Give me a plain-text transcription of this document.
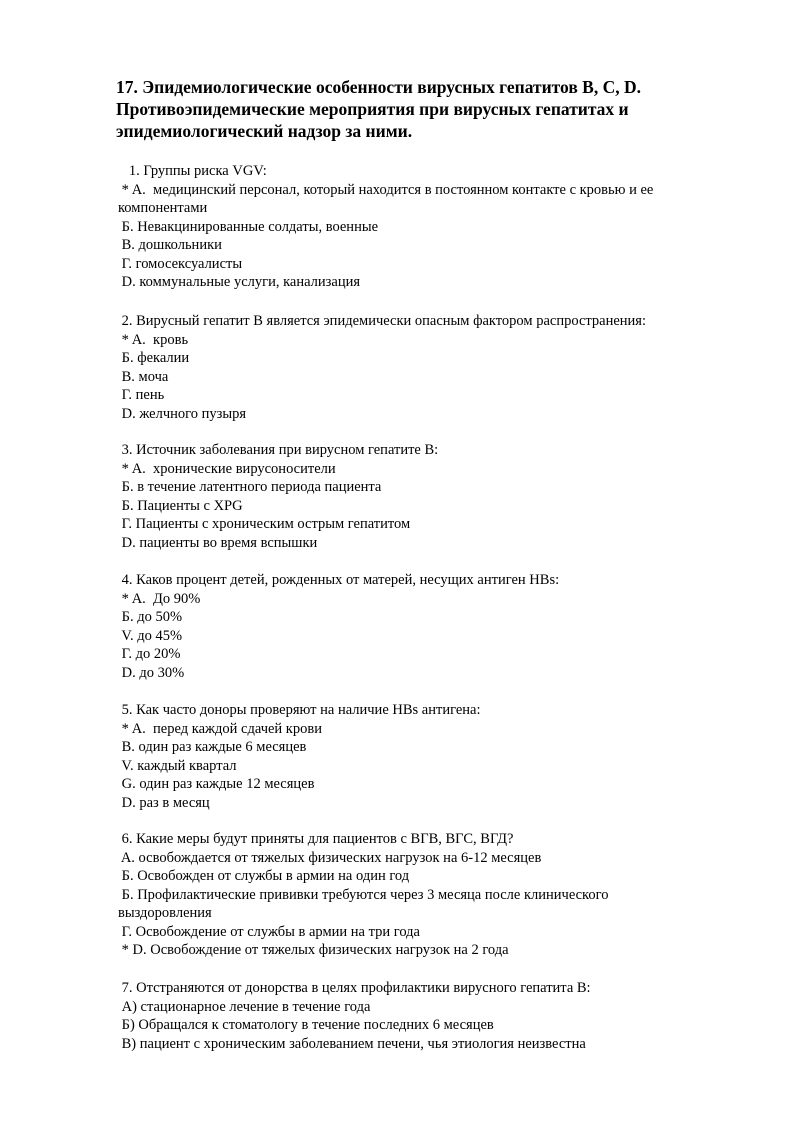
17. Эпидемиологические особенности вирусных гепатитов B, C, D.
Противоэпидемические мероприятия при вирусных гепатитах и
эпидемиологический надзор за ними.
1. Группы риска VGV:
* A.  медицинский персонал, который находится в постоянном контакте с кровью и ее
компонентами
Б. Невакцинированные солдаты, военные
В. дошкольники
Г. гомосексуалисты
D. коммунальные услуги, канализация
2. Вирусный гепатит В является эпидемически опасным фактором распространения:
* A.  кровь
Б. фекалии
В. моча
Г. пень
D. желчного пузыря
3. Источник заболевания при вирусном гепатите В:
* A.  хронические вирусоносители
Б. в течение латентного периода пациента
Б. Пациенты с ХРG
Г. Пациенты с хроническим острым гепатитом
D. пациенты во время вспышки
4. Каков процент детей, рожденных от матерей, несущих антиген HBs:
* A.  До 90%
Б. до 50%
V. до 45%
Г. до 20%
D. до 30%
5. Как часто доноры проверяют на наличие HBs антигена:
* A.  перед каждой сдачей крови
B. один раз каждые 6 месяцев
V. каждый квартал
G. один раз каждые 12 месяцев
D. раз в месяц
6. Какие меры будут приняты для пациентов с ВГВ, ВГС, ВГД?
A. освобождается от тяжелых физических нагрузок на 6-12 месяцев
Б. Освобожден от службы в армии на один год
Б. Профилактические прививки требуются через 3 месяца после клинического
выздоровления
Г. Освобождение от службы в армии на три года
* D. Освобождение от тяжелых физических нагрузок на 2 года
7. Отстраняются от донорства в целях профилактики вирусного гепатита В:
А) стационарное лечение в течение года
Б) Обращался к стоматологу в течение последних 6 месяцев
В) пациент с хроническим заболеванием печени, чья этиология неизвестна
